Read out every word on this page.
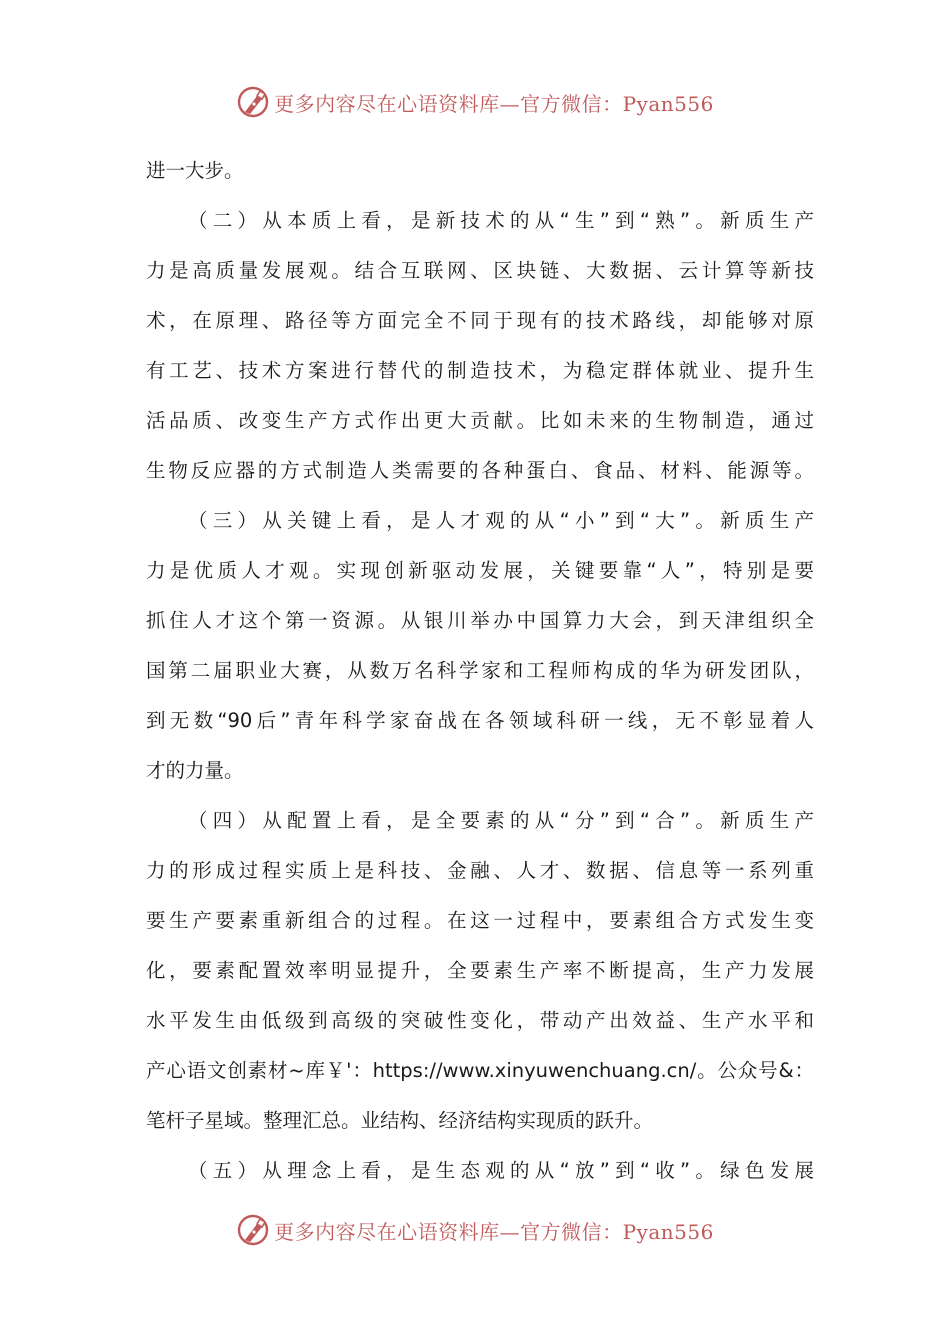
更多内容尽在心语资料库—官方微信：Pyan556
进一大步。
（二）从本质上看，是新技术的从“生”到“熟”。新质生产
力是高质量发展观。结合互联网、区块链、大数据、云计算等新技
术，在原理、路径等方面完全不同于现有的技术路线，却能够对原
有工艺、技术方案进行替代的制造技术，为稳定群体就业、提升生
活品质、改变生产方式作出更大贡献。比如未来的生物制造，通过
生物反应器的方式制造人类需要的各种蛋白、食品、材料、能源等。
（三）从关键上看，是人才观的从“小”到“大”。新质生产
力是优质人才观。实现创新驱动发展，关键要靠“人”，特别是要
抓住人才这个第一资源。从银川举办中国算力大会，到天津组织全
国第二届职业大赛，从数万名科学家和工程师构成的华为研发团队，
到无数“90后”青年科学家奋战在各领域科研一线，无不彰显着人
才的力量。
（四）从配置上看，是全要素的从“分”到“合”。新质生产
力的形成过程实质上是科技、金融、人才、数据、信息等一系列重
要生产要素重新组合的过程。在这一过程中，要素组合方式发生变
化，要素配置效率明显提升，全要素生产率不断提高，生产力发展
水平发生由低级到高级的突破性变化，带动产出效益、生产水平和
产心语文创素材~库￥'：https://www.xinyuwenchuang.cn/。公众号&：
笔杆子星域。整理汇总。业结构、经济结构实现质的跃升。
（五）从理念上看，是生态观的从“放”到“收”。绿色发展
更多内容尽在心语资料库—官方微信：Pyan556
